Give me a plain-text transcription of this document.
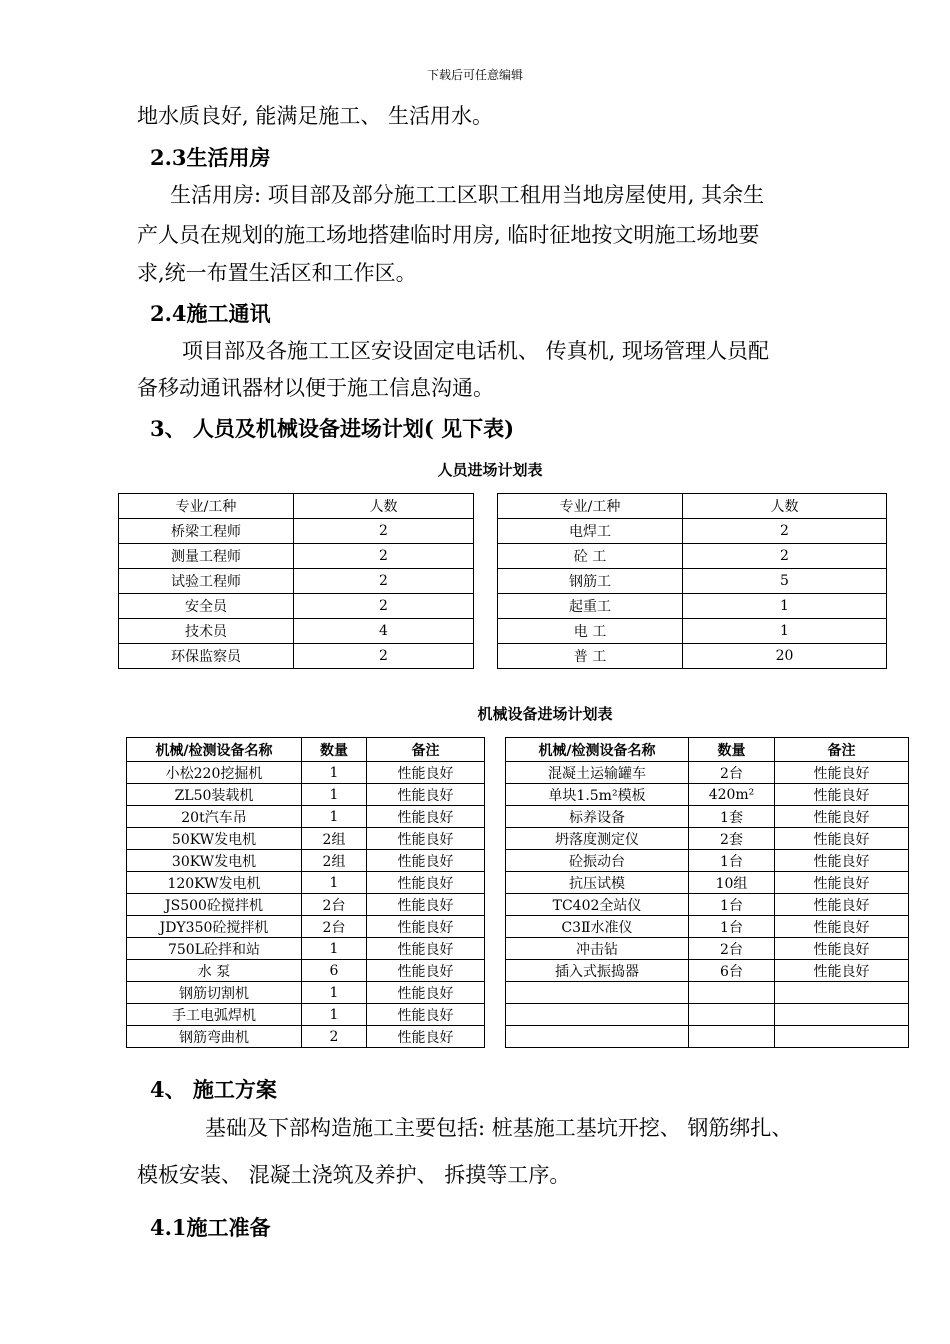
下载后可任意编辑
地水质良好, 能满足施工、 生活用水。
2.3生活用房
生活用房: 项目部及部分施工工区职工租用当地房屋使用, 其余生
产人员在规划的施工场地搭建临时用房, 临时征地按文明施工场地要
求,统一布置生活区和工作区。
2.4施工通讯
项目部及各施工工区安设固定电话机、 传真机, 现场管理人员配
备移动通讯器材以便于施工信息沟通。
3、 人员及机械设备进场计划( 见下表)
人员进场计划表
专业/工种	人数		专业/工种	人数
桥梁工程师	2		电焊工	2
测量工程师	2		砼 工	2
试验工程师	2		钢筋工	5
安全员	2		起重工	1
技术员	4		电 工	1
环保监察员	2		普 工	20
机械设备进场计划表
机械/检测设备名称	数量	备注		机械/检测设备名称	数量	备注
小松220挖掘机	1	性能良好		混凝土运输罐车	2台	性能良好
ZL50装载机	1	性能良好		单块1.5m²模板	420m²	性能良好
20t汽车吊	1	性能良好		标养设备	1套	性能良好
50KW发电机	2组	性能良好		坍落度测定仪	2套	性能良好
30KW发电机	2组	性能良好		砼振动台	1台	性能良好
120KW发电机	1	性能良好		抗压试模	10组	性能良好
JS500砼搅拌机	2台	性能良好		TC402全站仪	1台	性能良好
JDY350砼搅拌机	2台	性能良好		C3Ⅱ水准仪	1台	性能良好
750L砼拌和站	1	性能良好		冲击钻	2台	性能良好
水 泵	6	性能良好		插入式振捣器	6台	性能良好
钢筋切割机	1	性能良好				
手工电弧焊机	1	性能良好				
钢筋弯曲机	2	性能良好				
4、 施工方案
基础及下部构造施工主要包括: 桩基施工基坑开挖、 钢筋绑扎、
模板安装、 混凝土浇筑及养护、 拆摸等工序。
4.1施工准备
